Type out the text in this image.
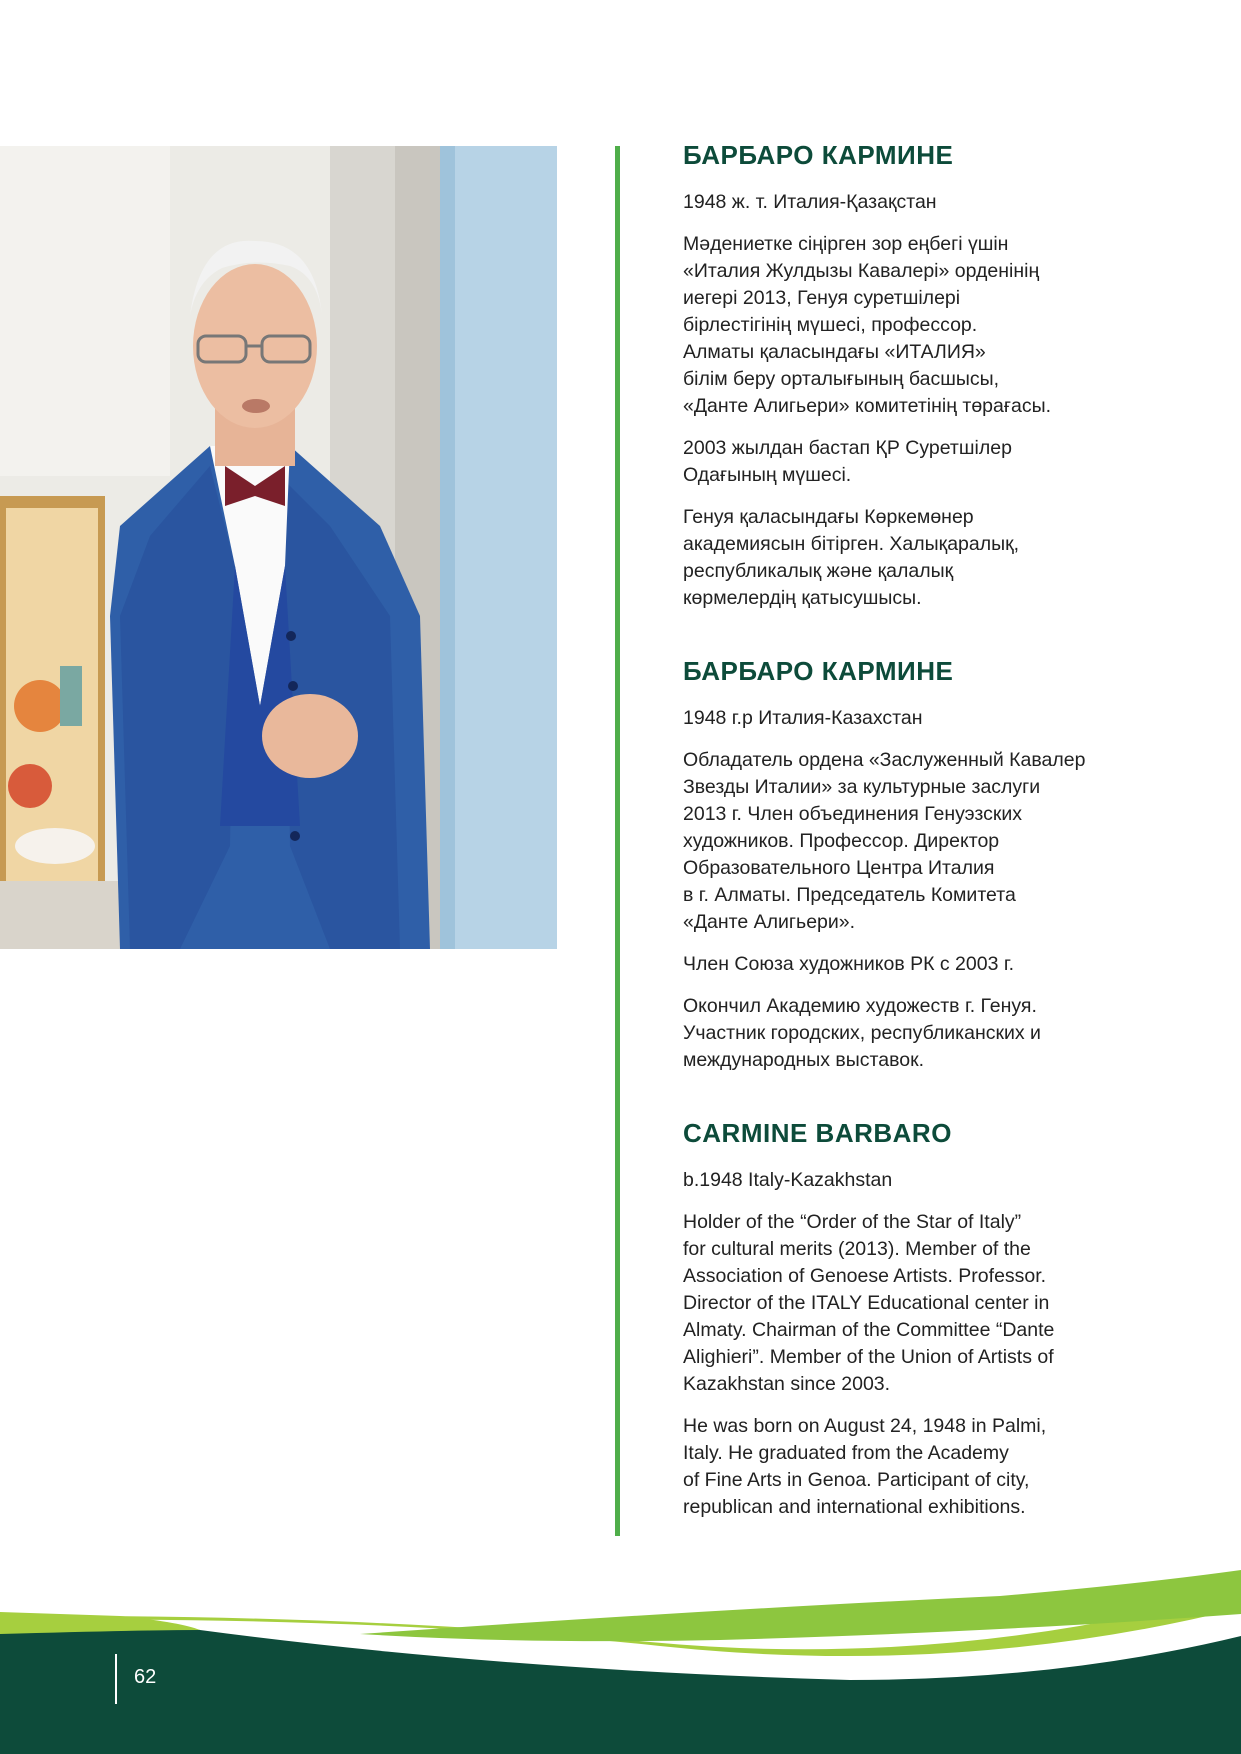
БАРБАРО КАРМИНЕ

1948 ж. т. Италия-Қазақстан

Мәдениетке сіңірген зор еңбегі үшін
«Италия Жулдызы Кавалері» орденінің
иегері 2013, Генуя суретшілері
бірлестігінің мүшесі, профессор.
Алматы қаласындағы «ИТАЛИЯ»
білім беру орталығының басшысы,
«Данте Алигьери» комитетінің төрағасы.

2003 жылдан бастап ҚР Суретшілер
Одағының мүшесі.

Генуя қаласындағы Көркемөнер
академиясын бітірген. Халықаралық,
республикалық және қалалық
көрмелердің қатысушысы.

БАРБАРО КАРМИНЕ

1948 г.р Италия-Казахстан

Обладатель ордена «Заслуженный Кавалер
Звезды Италии» за культурные заслуги
2013 г. Член объединения Генуэзских
художников. Профессор. Директор
Образовательного Центра Италия
в г. Алматы. Председатель Комитета
«Данте Алигьери».

Член Союза художников РК с 2003 г.

Окончил Академию художеств г. Генуя.
Участник городских, республиканских и
международных выставок.

CARMINE BARBARO

b.1948 Italy-Kazakhstan

Holder of the “Order of the Star of Italy”
for cultural merits (2013). Member of the
Association of Genoese Artists. Professor.
Director of the ITALY Educational center in
Almaty. Chairman of the Committee “Dante
Alighieri”. Member of the Union of Artists of
Kazakhstan since 2003.

He was born on August 24, 1948 in Palmi,
Italy. He graduated from the Academy
of Fine Arts in Genoa. Participant of city,
republican and international exhibitions.

62
